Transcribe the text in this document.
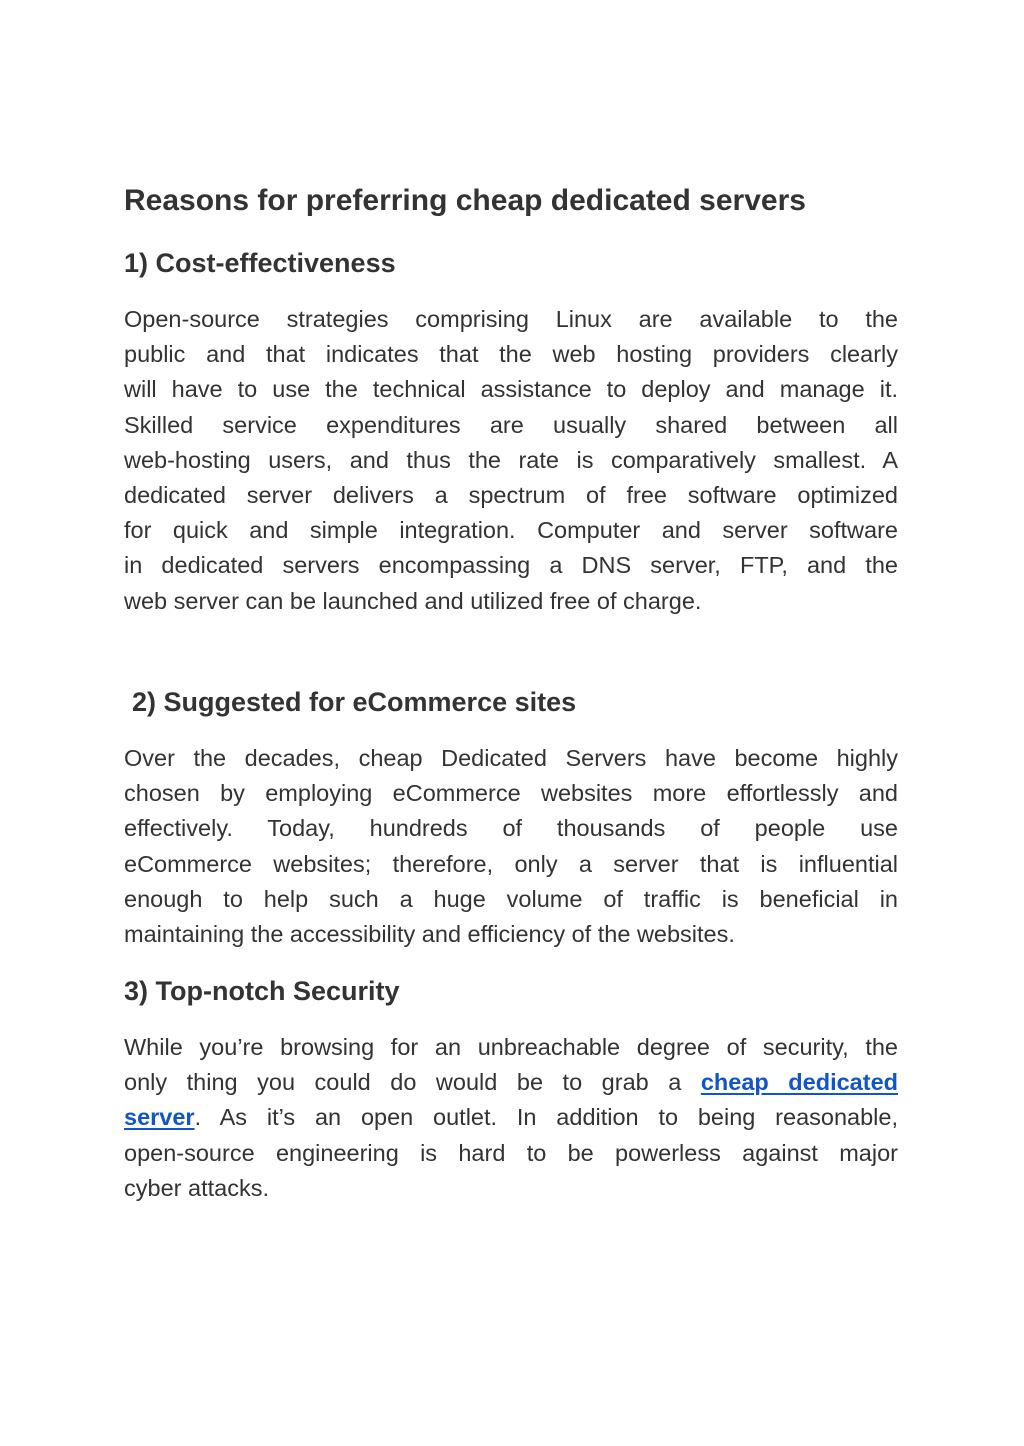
Reasons for preferring cheap dedicated servers
1) Cost-effectiveness

Open-source strategies comprising Linux are available to the
public and that indicates that the web hosting providers clearly
will have to use the technical assistance to deploy and manage it.
Skilled service expenditures are usually shared between all
web-hosting users, and thus the rate is comparatively smallest. A
dedicated server delivers a spectrum of free software optimized
for quick and simple integration. Computer and server software
in dedicated servers encompassing a DNS server, FTP, and the
web server can be launched and utilized free of charge.

2) Suggested for eCommerce sites

Over the decades, cheap Dedicated Servers have become highly
chosen by employing eCommerce websites more effortlessly and
effectively. Today, hundreds of thousands of people use
eCommerce websites; therefore, only a server that is influential
enough to help such a huge volume of traffic is beneficial in
maintaining the accessibility and efficiency of the websites.

3) Top-notch Security

While you’re browsing for an unbreachable degree of security, the
only thing you could do would be to grab a cheap dedicated
server. As it’s an open outlet. In addition to being reasonable,
open-source engineering is hard to be powerless against major
cyber attacks.
